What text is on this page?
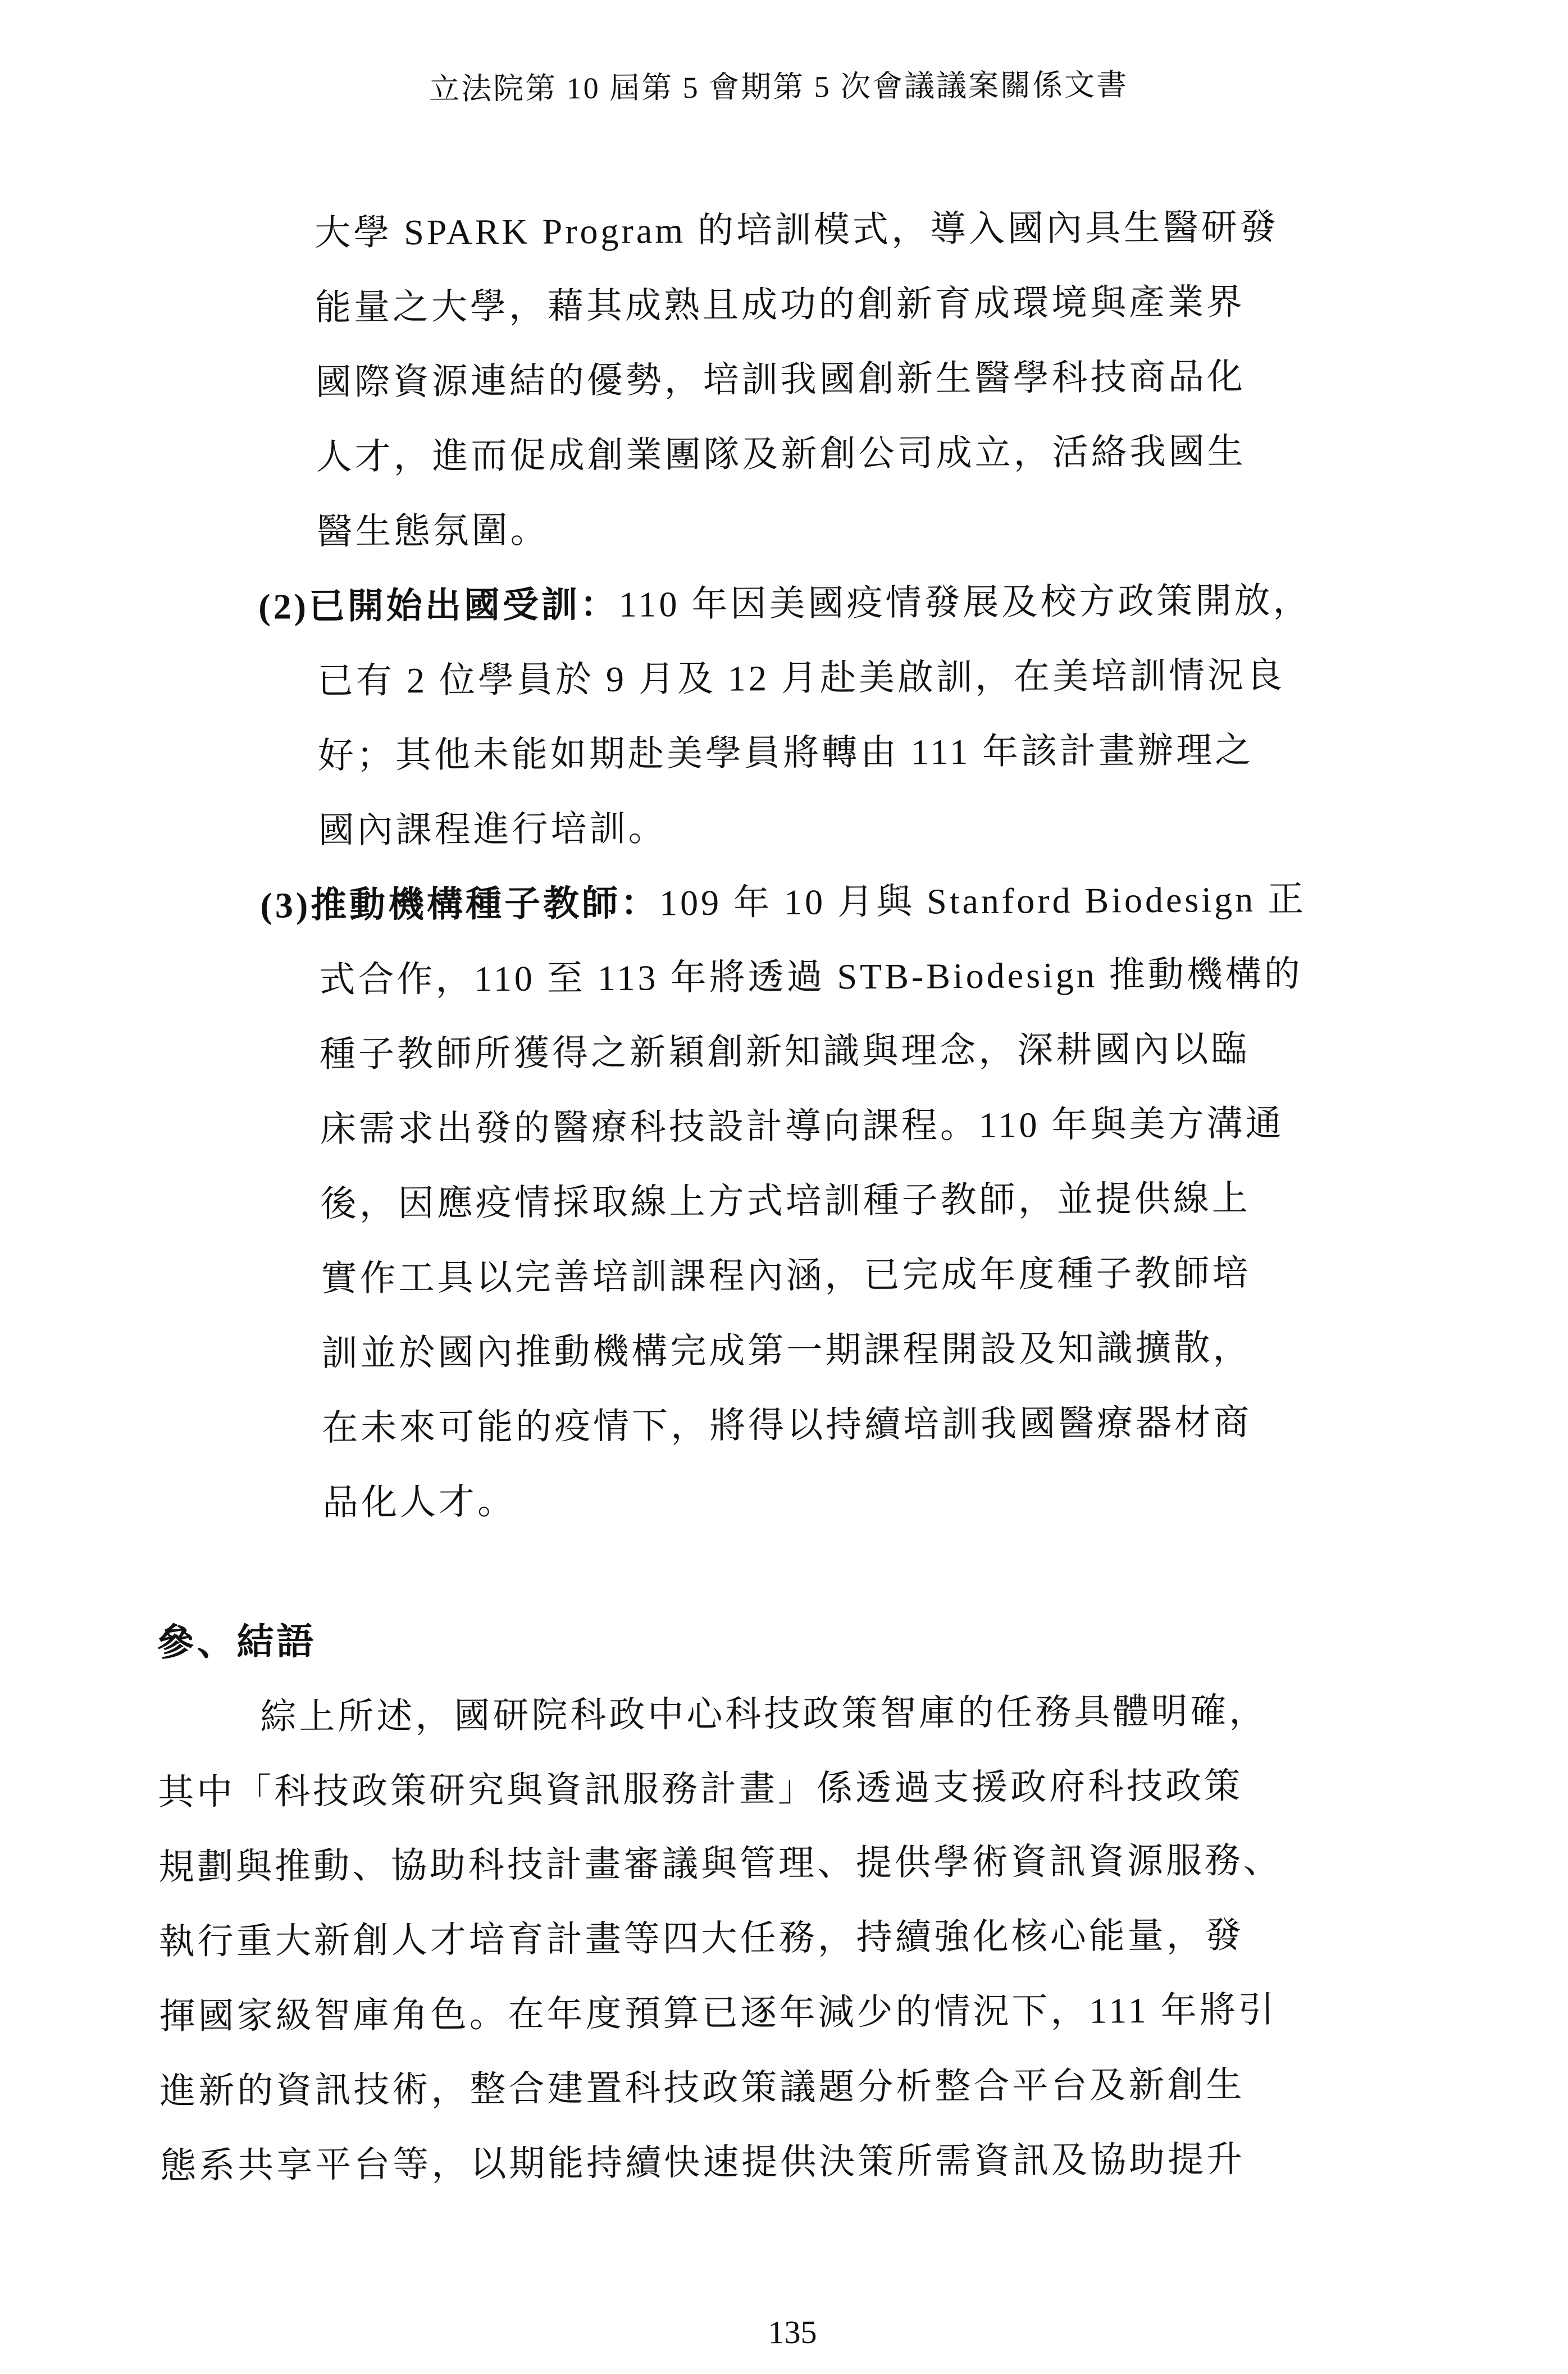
立法院第 10 屆第 5 會期第 5 次會議議案關係文書
大學 SPARK Program 的培訓模式，導入國內具生醫研發
能量之大學，藉其成熟且成功的創新育成環境與產業界
國際資源連結的優勢，培訓我國創新生醫學科技商品化
人才，進而促成創業團隊及新創公司成立，活絡我國生
醫生態氛圍。
(2)已開始出國受訓：110 年因美國疫情發展及校方政策開放，
已有 2 位學員於 9 月及 12 月赴美啟訓，在美培訓情況良
好；其他未能如期赴美學員將轉由 111 年該計畫辦理之
國內課程進行培訓。
(3)推動機構種子教師：109 年 10 月與 Stanford Biodesign 正
式合作，110 至 113 年將透過 STB-Biodesign 推動機構的
種子教師所獲得之新穎創新知識與理念，深耕國內以臨
床需求出發的醫療科技設計導向課程。110 年與美方溝通
後，因應疫情採取線上方式培訓種子教師，並提供線上
實作工具以完善培訓課程內涵，已完成年度種子教師培
訓並於國內推動機構完成第一期課程開設及知識擴散，
在未來可能的疫情下，將得以持續培訓我國醫療器材商
品化人才。
參、結語
綜上所述，國研院科政中心科技政策智庫的任務具體明確，
其中「科技政策研究與資訊服務計畫」係透過支援政府科技政策
規劃與推動、協助科技計畫審議與管理、提供學術資訊資源服務、
執行重大新創人才培育計畫等四大任務，持續強化核心能量，發
揮國家級智庫角色。在年度預算已逐年減少的情況下，111 年將引
進新的資訊技術，整合建置科技政策議題分析整合平台及新創生
態系共享平台等，以期能持續快速提供決策所需資訊及協助提升
135
